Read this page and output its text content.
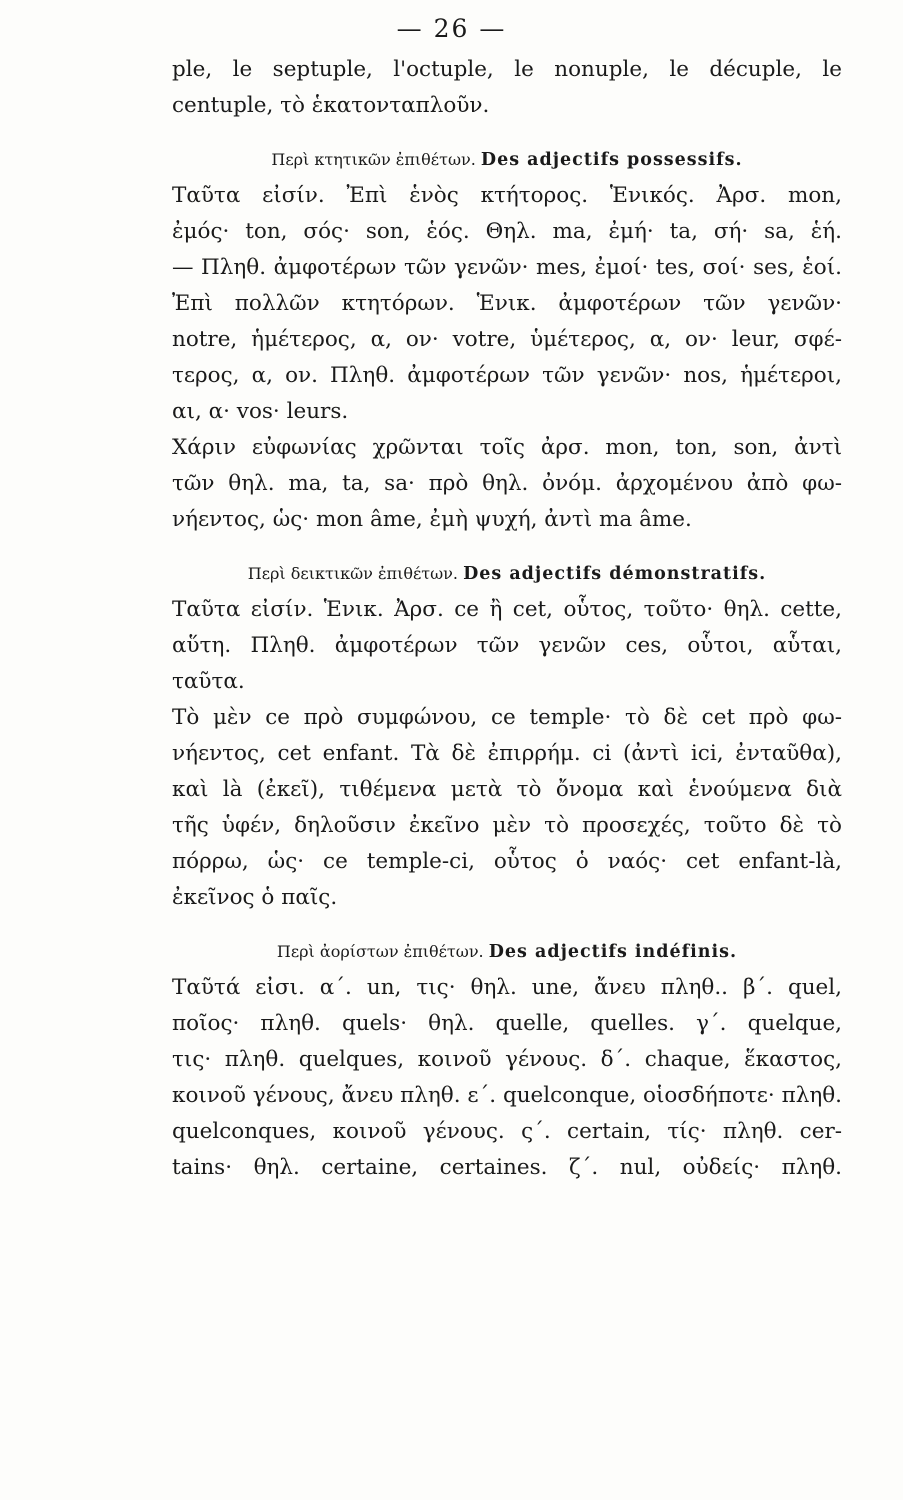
— 26 —
ple, le septuple, l'octuple, le nonuple, le décuple, le
centuple, τὸ ἑκατονταπλοῦν.
Περὶ κτητικῶν ἐπιθέτων. Des adjectifs possessifs.
Ταῦτα εἰσίν. Ἐπὶ ἑνὸς κτήτορος. Ἑνικός. Ἀρσ. mon,
ἐμός· ton, σός· son, ἑός. Θηλ. ma, ἐμή· ta, σή· sa, ἑή.
— Πληθ. ἀμφοτέρων τῶν γενῶν· mes, ἐμοί· tes, σοί· ses, ἑοί.
Ἐπὶ πολλῶν κτητόρων. Ἑνικ. ἀμφοτέρων τῶν γενῶν·
notre, ἡμέτερος, α, ον· votre, ὑμέτερος, α, ον· leur, σφέ-
τερος, α, ον. Πληθ. ἀμφοτέρων τῶν γενῶν· nos, ἡμέτεροι,
αι, α· vos· leurs.
Χάριν εὐφωνίας χρῶνται τοῖς ἀρσ. mon, ton, son, ἀντὶ
τῶν θηλ. ma, ta, sa· πρὸ θηλ. ὀνόμ. ἀρχομένου ἀπὸ φω-
νήεντος, ὡς· mon âme, ἐμὴ ψυχή, ἀντὶ ma âme.
Περὶ δεικτικῶν ἐπιθέτων. Des adjectifs démonstratifs.
Ταῦτα εἰσίν. Ἑνικ. Ἀρσ. ce ἢ cet, οὗτος, τοῦτο· θηλ. cette,
αὕτη. Πληθ. ἀμφοτέρων τῶν γενῶν ces, οὗτοι, αὗται,
ταῦτα.
Τὸ μὲν ce πρὸ συμφώνου, ce temple· τὸ δὲ cet πρὸ φω-
νήεντος, cet enfant. Τὰ δὲ ἐπιρρήμ. ci (ἀντὶ ici, ἐνταῦθα),
καὶ là (ἐκεῖ), τιθέμενα μετὰ τὸ ὄνομα καὶ ἑνούμενα διὰ
τῆς ὑφέν, δηλοῦσιν ἐκεῖνο μὲν τὸ προσεχές, τοῦτο δὲ τὸ
πόρρω, ὡς· ce temple-ci, οὗτος ὁ ναός· cet enfant-là,
ἐκεῖνος ὁ παῖς.
Περὶ ἀορίστων ἐπιθέτων. Des adjectifs indéfinis.
Ταῦτά εἰσι. α΄. un, τις· θηλ. une, ἄνευ πληθ.. β΄. quel,
ποῖος· πληθ. quels· θηλ. quelle, quelles. γ΄. quelque,
τις· πληθ. quelques, κοινοῦ γένους. δ΄. chaque, ἕκαστος,
κοινοῦ γένους, ἄνευ πληθ. ε΄. quelconque, οἱοσδήποτε· πληθ.
quelconques, κοινοῦ γένους. ς΄. certain, τίς· πληθ. cer-
tains· θηλ. certaine, certaines. ζ΄. nul, οὐδείς· πληθ.
